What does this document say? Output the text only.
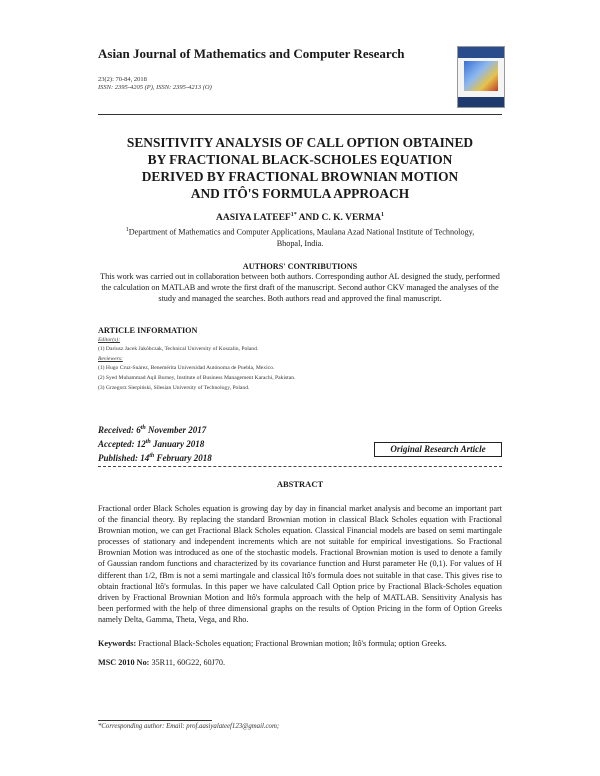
Asian Journal of Mathematics and Computer Research
23(2): 70-84, 2018
ISSN: 2395-4205 (P), ISSN: 2395-4213 (O)
SENSITIVITY ANALYSIS OF CALL OPTION OBTAINED
BY FRACTIONAL BLACK-SCHOLES EQUATION
DERIVED BY FRACTIONAL BROWNIAN MOTION
AND ITÔ'S FORMULA APPROACH
AASIYA $LATEEF^{1*}$ AND C. K. VERMA$^1$
$^1$Department of Mathematics and Computer Applications, Maulana Azad National Institute of Technology,
Bhopal, India.
AUTHORS' CONTRIBUTIONS
This work was carried out in collaboration between both authors. Corresponding author AL designed the study, performed the calculation on MATLAB and wrote the first draft of the manuscript. Second author CKV managed the analyses of the study and managed the searches. Both authors read and approved the final manuscript.
ARTICLE INFORMATION
Editor(s):
(1) Dariusz Jacek Jakóbczak, Technical University of Koszalin, Poland.
Reviewers:
(1) Hugo Cruz-Suárez, Benemérita Universidad Autónoma de Puebla, Mexico.
(2) Syed Muhammad Aqil Burney, Institute of Business Management Karachi, Pakistan.
(3) Grzegorz Sierpiński, Silesian University of Technology, Poland.
Received: 6th November 2017
Accepted: 12th January 2018
Published: 14th February 2018
Original Research Article
ABSTRACT
Fractional order Black Scholes equation is growing day by day in financial market analysis and become an important part of the financial theory. By replacing the standard Brownian motion in classical Black Scholes equation with Fractional Brownian motion, we can get Fractional Black Scholes equation. Classical Financial models are based on semi martingale processes of stationary and independent increments which are not suitable for empirical investigations. So Fractional Brownian Motion was introduced as one of the stochastic models. Fractional Brownian motion is used to denote a family of Gaussian random functions and characterized by its covariance function and Hurst parameter He (0,1). For values of H different than 1/2, fBm is not a semi martingale and classical Itô's formula does not suitable in that case. This gives rise to obtain fractional Itô's formulas. In this paper we have calculated Call Option price by Fractional Black-Scholes equation driven by Fractional Brownian Motion and Itô's formula approach with the help of MATLAB. Sensitivity Analysis has been performed with the help of three dimensional graphs on the results of Option Pricing in the form of Option Greeks namely Delta, Gamma, Theta, Vega, and Rho.
Keywords: Fractional Black-Scholes equation; Fractional Brownian motion; Itô's formula; option Greeks.
MSC 2010 No: 35R11, 60G22, 60J70.
*Corresponding author: Email: prof.aasiyalateef123@gmail.com;
